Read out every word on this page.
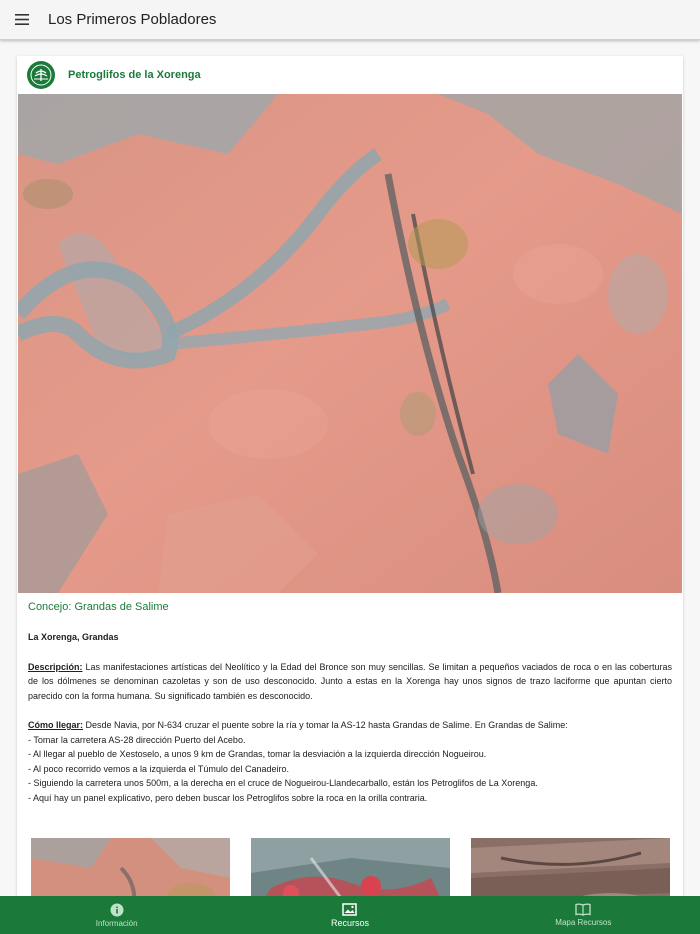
Los Primeros Pobladores
Petroglifos de la Xorenga
Concejo: Grandas de Salime
La Xorenga, Grandas
Descripción: Las manifestaciones artísticas del Neolítico y la Edad del Bronce son muy sencillas. Se limitan a pequeños vaciados de roca o en las coberturas de los dólmenes se denominan cazoletas y son de uso desconocido. Junto a estas en la Xorenga hay unos signos de trazo laciforme que apuntan cierto parecido con la forma humana. Su significado también es desconocido.
Cómo llegar: Desde Navia, por N-634 cruzar el puente sobre la ría y tomar la AS-12 hasta Grandas de Salime. En Grandas de Salime:
- Tomar la carretera AS-28 dirección Puerto del Acebo.
- Al llegar al pueblo de Xestoselo, a unos 9 km de Grandas, tomar la desviación a la izquierda dirección Nogueirou.
- Al poco recorrido vemos a la izquierda el Túmulo del Canadeiro.
- Siguiendo la carretera unos 500m, a la derecha en el cruce de Nogueirou-Llandecarballo, están los Petroglifos de La Xorenga.
- Aquí hay un panel explicativo, pero deben buscar los Petroglifos sobre la roca en la orilla contraria.
Información	Recursos	Mapa Recursos
